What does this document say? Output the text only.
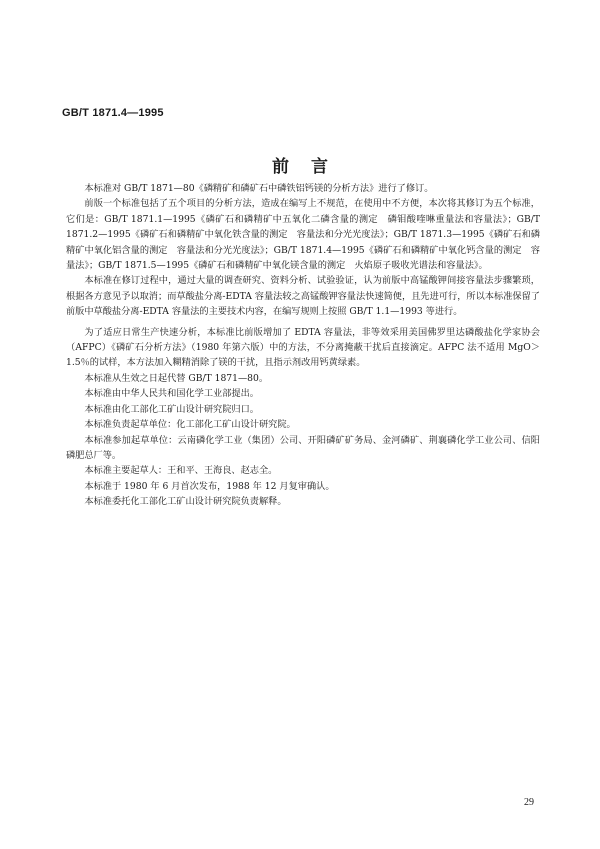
GB/T 1871.4—1995
前言

本标准对 GB/T 1871—80《磷精矿和磷矿石中磷铁铝钙镁的分析方法》进行了修订。

前版一个标准包括了五个项目的分析方法，造成在编写上不规范，在使用中不方便，本次将其修订为五个标准，它们是：GB/T 1871.1—1995《磷矿石和磷精矿中五氧化二磷含量的测定　磷钼酸喹啉重量法和容量法》；GB/T 1871.2—1995《磷矿石和磷精矿中氧化铁含量的测定　容量法和分光光度法》；GB/T 1871.3—1995《磷矿石和磷精矿中氧化铝含量的测定　容量法和分光光度法》；GB/T 1871.4—1995《磷矿石和磷精矿中氧化钙含量的测定　容量法》；GB/T 1871.5—1995《磷矿石和磷精矿中氧化镁含量的测定　火焰原子吸收光谱法和容量法》。

本标准在修订过程中，通过大量的调查研究、资料分析、试验验证，认为前版中高锰酸钾间接容量法步骤繁琐，根据各方意见予以取消；而草酸盐分离-EDTA 容量法较之高锰酸钾容量法快速简便，且先进可行，所以本标准保留了前版中草酸盐分离-EDTA 容量法的主要技术内容，在编写规则上按照 GB/T 1.1—1993 等进行。

为了适应日常生产快速分析，本标准比前版增加了 EDTA 容量法，非等效采用美国佛罗里达磷酸盐化学家协会（AFPC）《磷矿石分析方法》（1980 年第六版）中的方法，不分离掩蔽干扰后直接滴定。AFPC 法不适用 MgO＞1.5％的试样，本方法加入糊精消除了镁的干扰，且指示剂改用钙黄绿素。

本标准从生效之日起代替 GB/T 1871—80。

本标准由中华人民共和国化学工业部提出。

本标准由化工部化工矿山设计研究院归口。

本标准负责起草单位：化工部化工矿山设计研究院。

本标准参加起草单位：云南磷化学工业（集团）公司、开阳磷矿矿务局、金河磷矿、荆襄磷化学工业公司、信阳磷肥总厂等。

本标准主要起草人：王和平、王海良、赵志全。

本标准于 1980 年 6 月首次发布，1988 年 12 月复审确认。

本标准委托化工部化工矿山设计研究院负责解释。

29
